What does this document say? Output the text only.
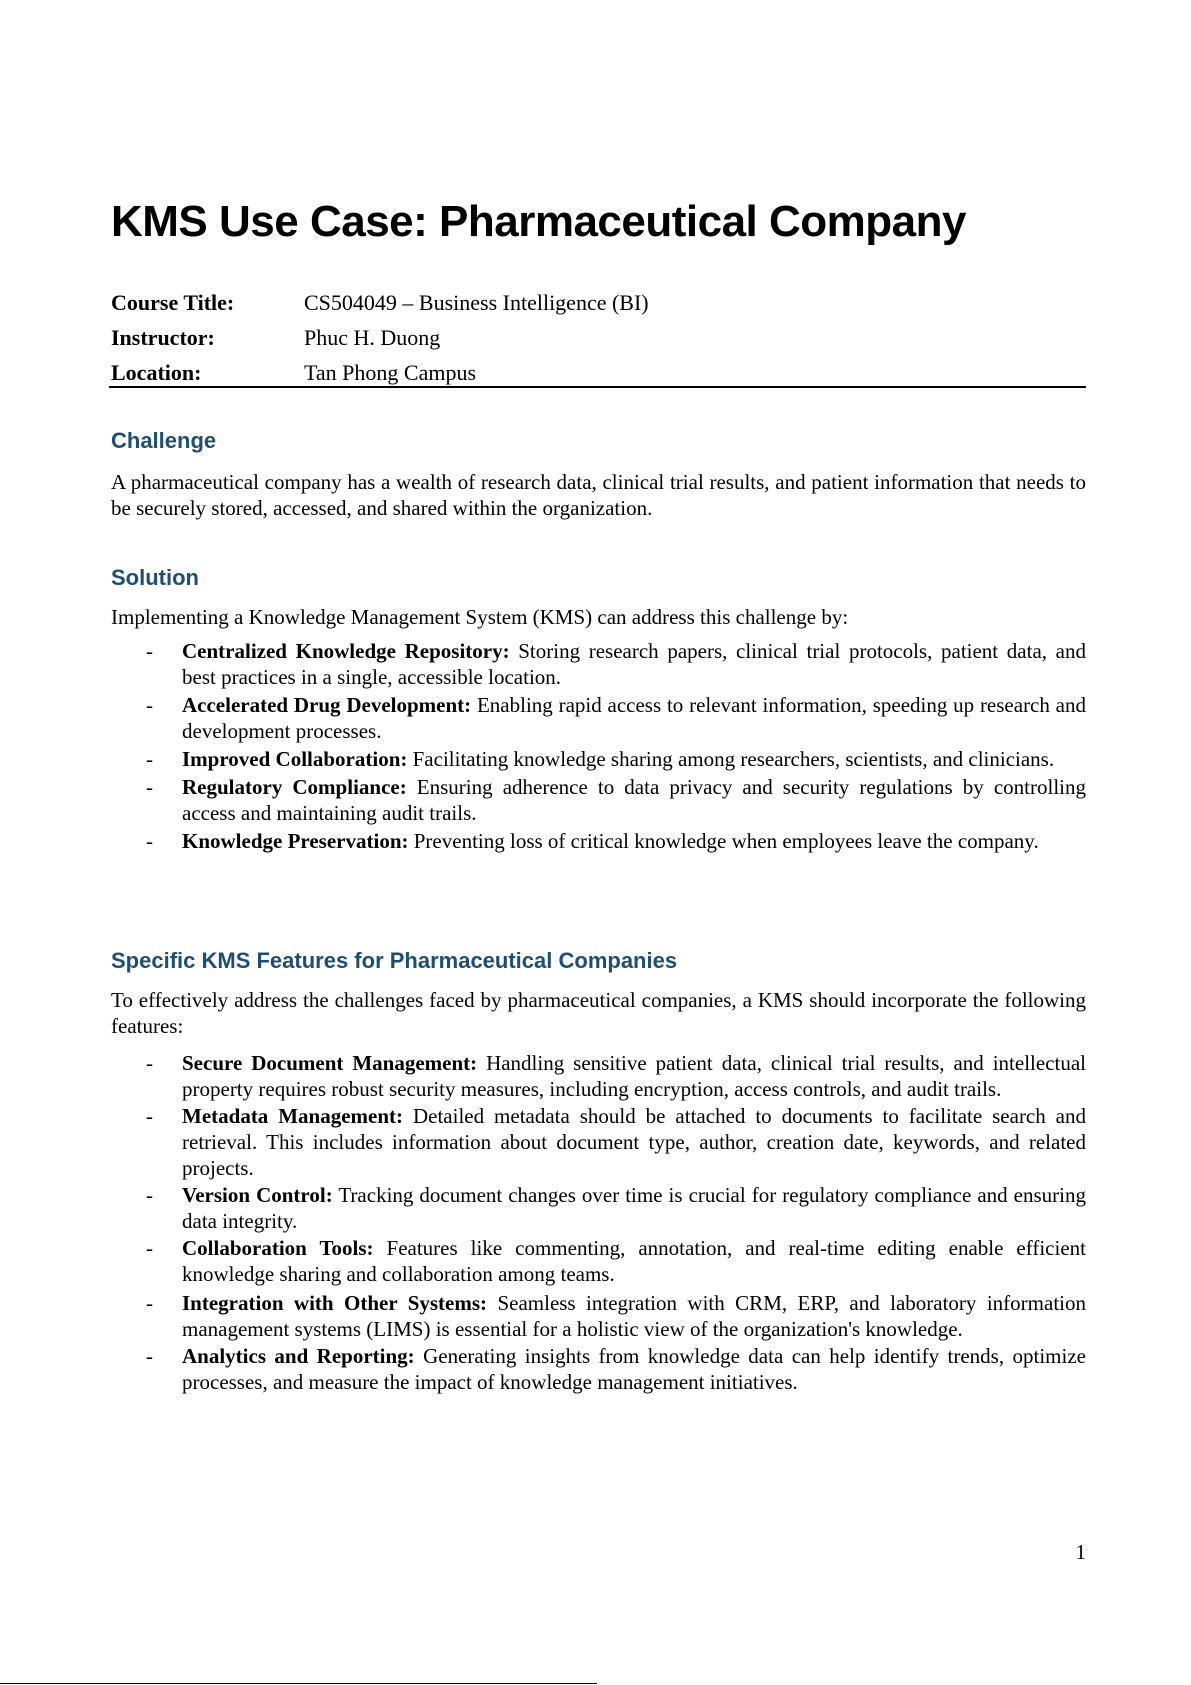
KMS Use Case: Pharmaceutical Company
Course Title:	CS504049 – Business Intelligence (BI)
Instructor:	Phuc H. Duong
Location:	Tan Phong Campus
Challenge

A pharmaceutical company has a wealth of research data, clinical trial results, and patient information that needs to be securely stored, accessed, and shared within the organization.

Solution

Implementing a Knowledge Management System (KMS) can address this challenge by:

- Centralized Knowledge Repository: Storing research papers, clinical trial protocols, patient data, and best practices in a single, accessible location.
- Accelerated Drug Development: Enabling rapid access to relevant information, speeding up research and development processes.
- Improved Collaboration: Facilitating knowledge sharing among researchers, scientists, and clinicians.
- Regulatory Compliance: Ensuring adherence to data privacy and security regulations by controlling access and maintaining audit trails.
- Knowledge Preservation: Preventing loss of critical knowledge when employees leave the company.
Specific KMS Features for Pharmaceutical Companies

To effectively address the challenges faced by pharmaceutical companies, a KMS should incorporate the following features:

- Secure Document Management: Handling sensitive patient data, clinical trial results, and intellectual property requires robust security measures, including encryption, access controls, and audit trails.
- Metadata Management: Detailed metadata should be attached to documents to facilitate search and retrieval. This includes information about document type, author, creation date, keywords, and related projects.
- Version Control: Tracking document changes over time is crucial for regulatory compliance and ensuring data integrity.
- Collaboration Tools: Features like commenting, annotation, and real-time editing enable efficient knowledge sharing and collaboration among teams.
- Integration with Other Systems: Seamless integration with CRM, ERP, and laboratory information management systems (LIMS) is essential for a holistic view of the organization's knowledge.
- Analytics and Reporting: Generating insights from knowledge data can help identify trends, optimize processes, and measure the impact of knowledge management initiatives.
1
